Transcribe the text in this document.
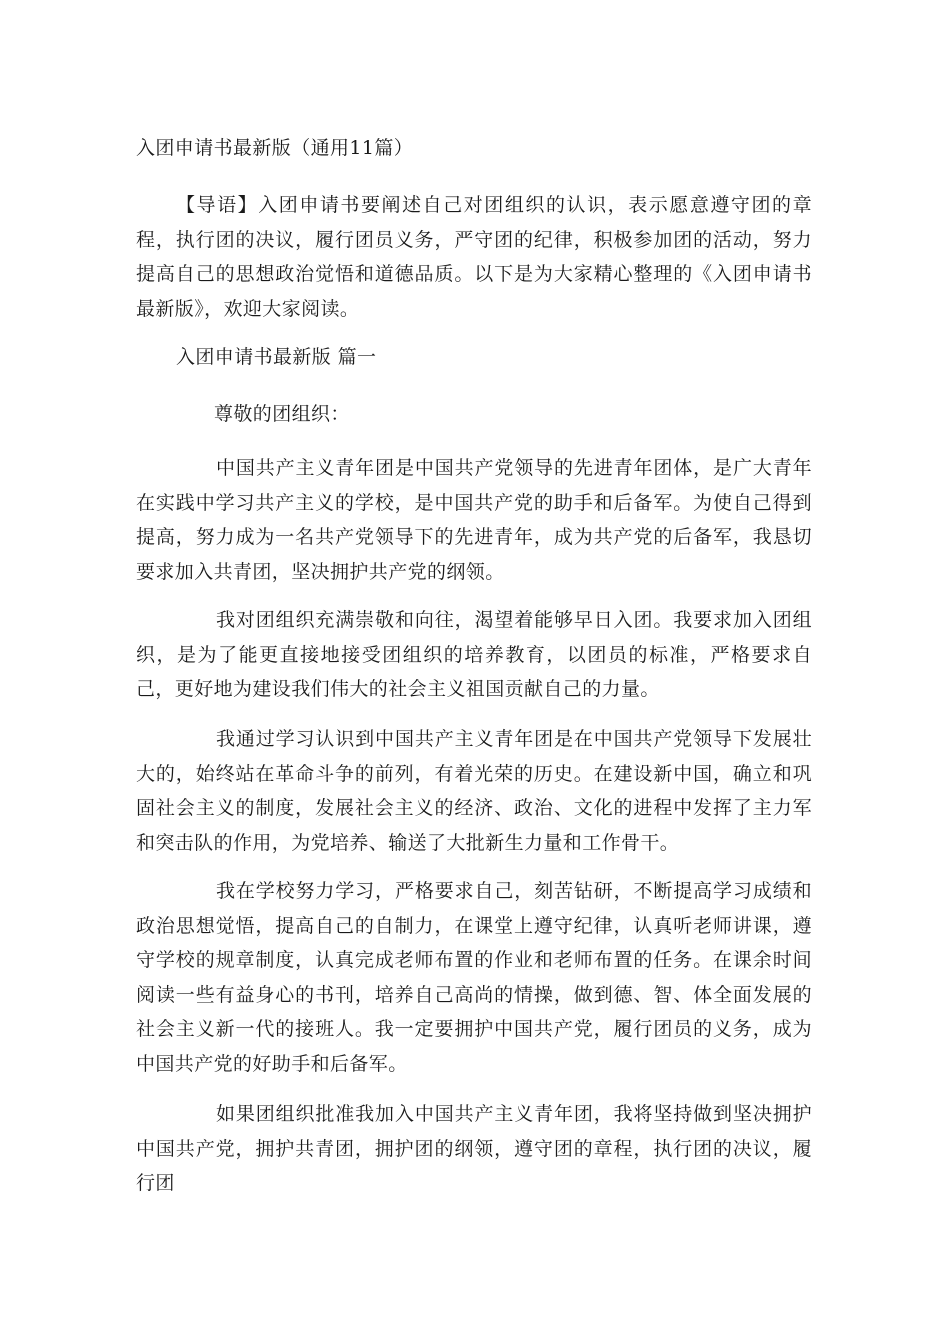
入团申请书最新版（通用11篇）

【导语】入团申请书要阐述自己对团组织的认识，表示愿意遵守团的章程，执行团的决议，履行团员义务，严守团的纪律，积极参加团的活动，努力提高自己的思想政治觉悟和道德品质。以下是为大家精心整理的《入团申请书最新版》，欢迎大家阅读。

入团申请书最新版 篇一

尊敬的团组织：

中国共产主义青年团是中国共产党领导的先进青年团体，是广大青年在实践中学习共产主义的学校，是中国共产党的助手和后备军。为使自己得到提高，努力成为一名共产党领导下的先进青年，成为共产党的后备军，我恳切要求加入共青团，坚决拥护共产党的纲领。

我对团组织充满崇敬和向往，渴望着能够早日入团。我要求加入团组织，是为了能更直接地接受团组织的培养教育，以团员的标准，严格要求自己，更好地为建设我们伟大的社会主义祖国贡献自己的力量。

我通过学习认识到中国共产主义青年团是在中国共产党领导下发展壮大的，始终站在革命斗争的前列，有着光荣的历史。在建设新中国，确立和巩固社会主义的制度，发展社会主义的经济、政治、文化的进程中发挥了主力军和突击队的作用，为党培养、输送了大批新生力量和工作骨干。

我在学校努力学习，严格要求自己，刻苦钻研，不断提高学习成绩和政治思想觉悟，提高自己的自制力，在课堂上遵守纪律，认真听老师讲课，遵守学校的规章制度，认真完成老师布置的作业和老师布置的任务。在课余时间阅读一些有益身心的书刊，培养自己高尚的情操，做到德、智、体全面发展的社会主义新一代的接班人。我一定要拥护中国共产党，履行团员的义务，成为中国共产党的好助手和后备军。

如果团组织批准我加入中国共产主义青年团，我将坚持做到坚决拥护中国共产党，拥护共青团，拥护团的纲领，遵守团的章程，执行团的决议，履行团
